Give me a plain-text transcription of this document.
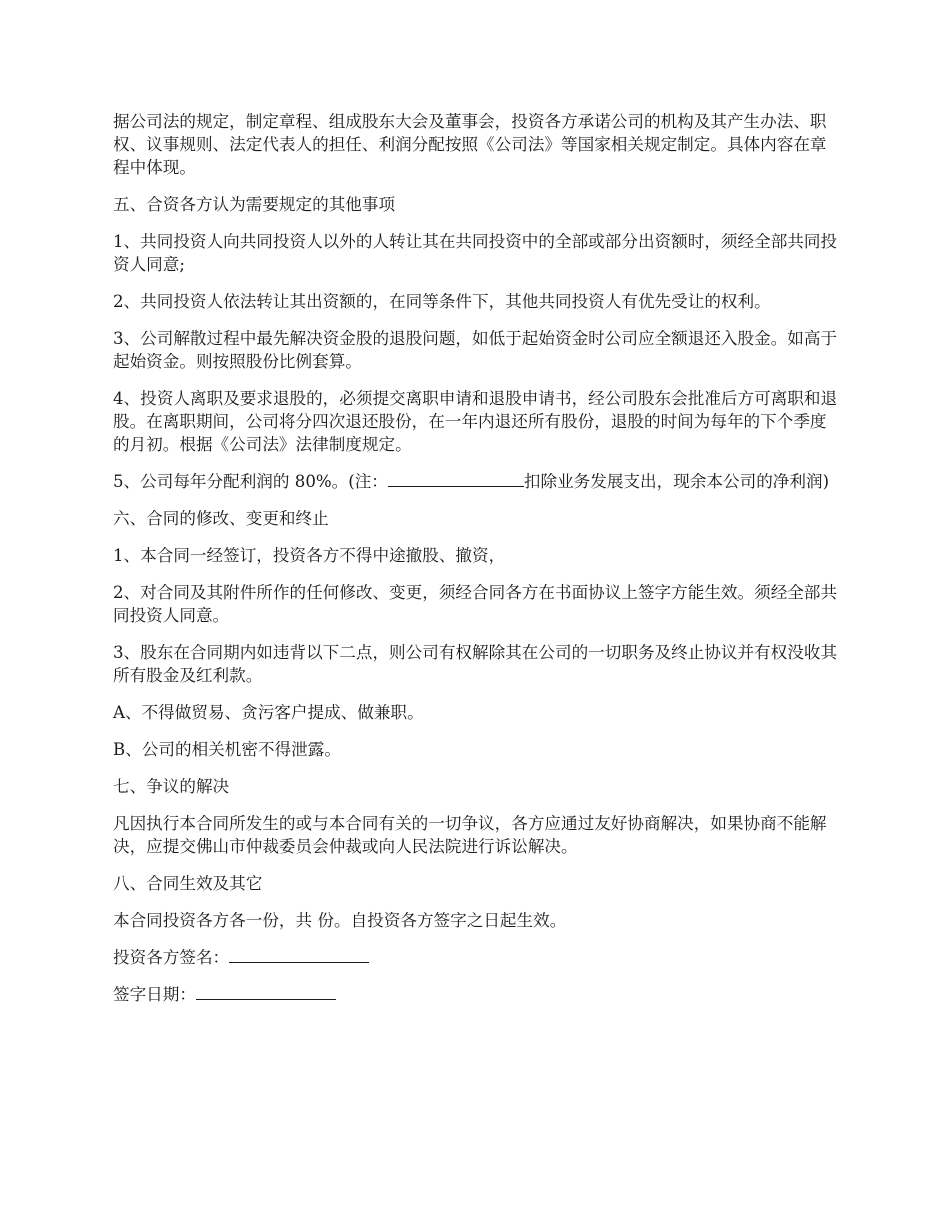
据公司法的规定，制定章程、组成股东大会及董事会，投资各方承诺公司的机构及其产生办法、职权、议事规则、法定代表人的担任、利润分配按照《公司法》等国家相关规定制定。具体内容在章程中体现。

五、合资各方认为需要规定的其他事项

1、共同投资人向共同投资人以外的人转让其在共同投资中的全部或部分出资额时，须经全部共同投资人同意;

2、共同投资人依法转让其出资额的，在同等条件下，其他共同投资人有优先受让的权利。

3、公司解散过程中最先解决资金股的退股问题，如低于起始资金时公司应全额退还入股金。如高于起始资金。则按照股份比例套算。

4、投资人离职及要求退股的，必须提交离职申请和退股申请书，经公司股东会批准后方可离职和退股。在离职期间，公司将分四次退还股份，在一年内退还所有股份，退股的时间为每年的下个季度的月初。根据《公司法》法律制度规定。

5、公司每年分配利润的 80%。(注：	扣除业务发展支出，现余本公司的净利润)

六、合同的修改、变更和终止

1、本合同一经签订，投资各方不得中途撤股、撤资，

2、对合同及其附件所作的任何修改、变更，须经合同各方在书面协议上签字方能生效。须经全部共同投资人同意。

3、股东在合同期内如违背以下二点，则公司有权解除其在公司的一切职务及终止协议并有权没收其所有股金及红利款。

A、不得做贸易、贪污客户提成、做兼职。

B、公司的相关机密不得泄露。

七、争议的解决

凡因执行本合同所发生的或与本合同有关的一切争议，各方应通过友好协商解决，如果协商不能解决，应提交佛山市仲裁委员会仲裁或向人民法院进行诉讼解决。

八、合同生效及其它

本合同投资各方各一份，共 份。自投资各方签字之日起生效。

投资各方签名：

签字日期：
